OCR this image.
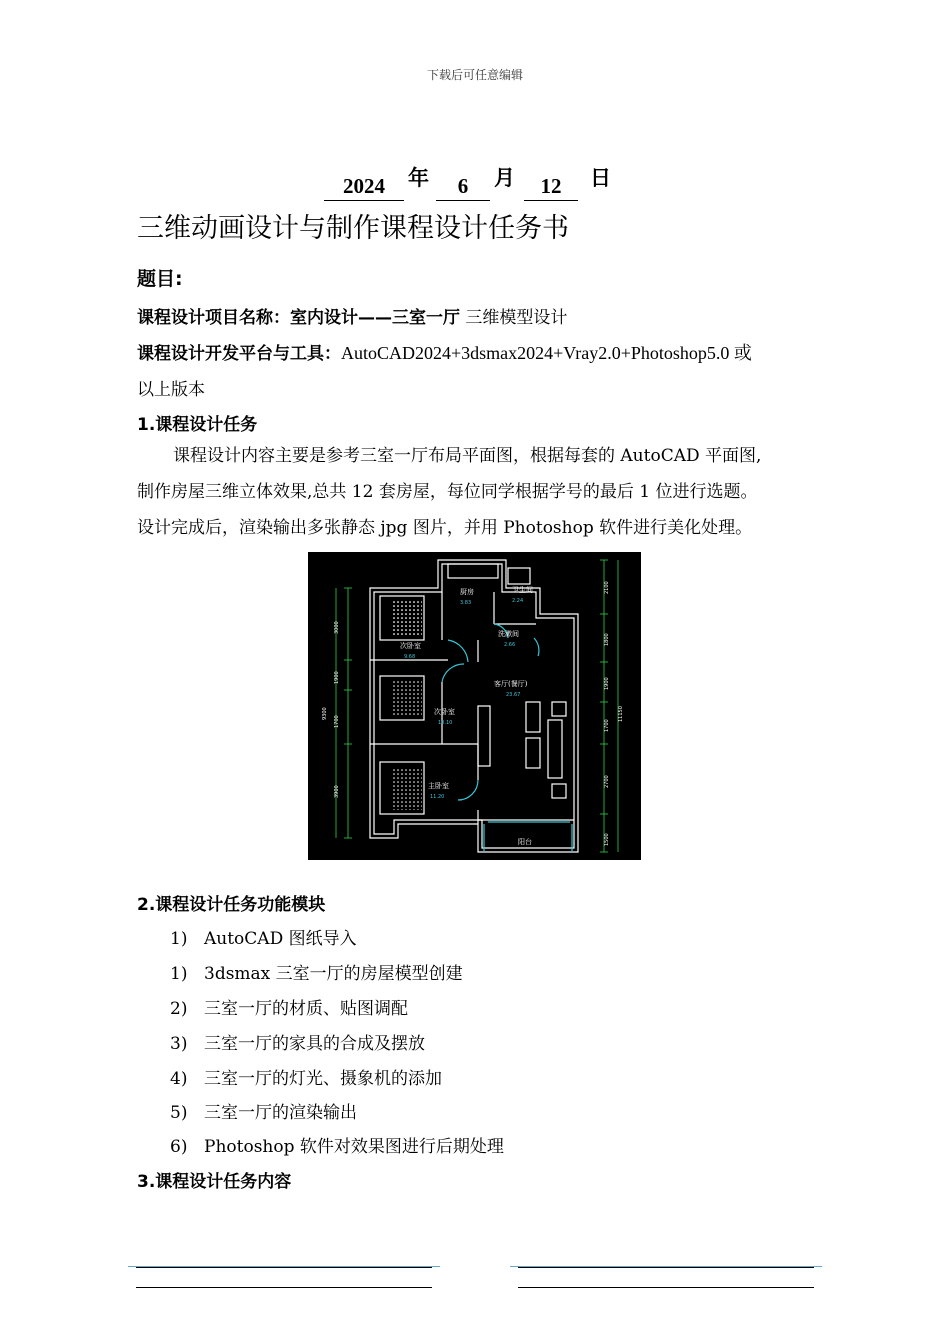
下载后可任意编辑
2024	年	6	月	12	日
三维动画设计与制作课程设计任务书
题目:
课程设计项目名称：室内设计——三室一厅 三维模型设计
课程设计开发平台与工具：AutoCAD2024+3dsmax2024+Vray2.0+Photoshop5.0 或
以上版本
1.课程设计任务
课程设计内容主要是参考三室一厅布局平面图，根据每套的 AutoCAD 平面图,
制作房屋三维立体效果,总共 12 套房屋，每位同学根据学号的最后 1 位进行选题。
设计完成后，渲染输出多张静态 jpg 图片，并用 Photoshop 软件进行美化处理。
厨房
3.83
卫生间
2.24
洗漱间
2.66
次卧室
9.68
客厅(餐厅)
23.67
次卧室
10.10
主卧室
11.20
阳台
3000
1900
1700
3900
9300
2100
1800
1900
1700
2700
1500
11150
2.课程设计任务功能模块
1) AutoCAD 图纸导入
1) 3dsmax 三室一厅的房屋模型创建
2) 三室一厅的材质、贴图调配
3) 三室一厅的家具的合成及摆放
4) 三室一厅的灯光、摄象机的添加
5) 三室一厅的渲染输出
6) Photoshop 软件对效果图进行后期处理
3.课程设计任务内容
